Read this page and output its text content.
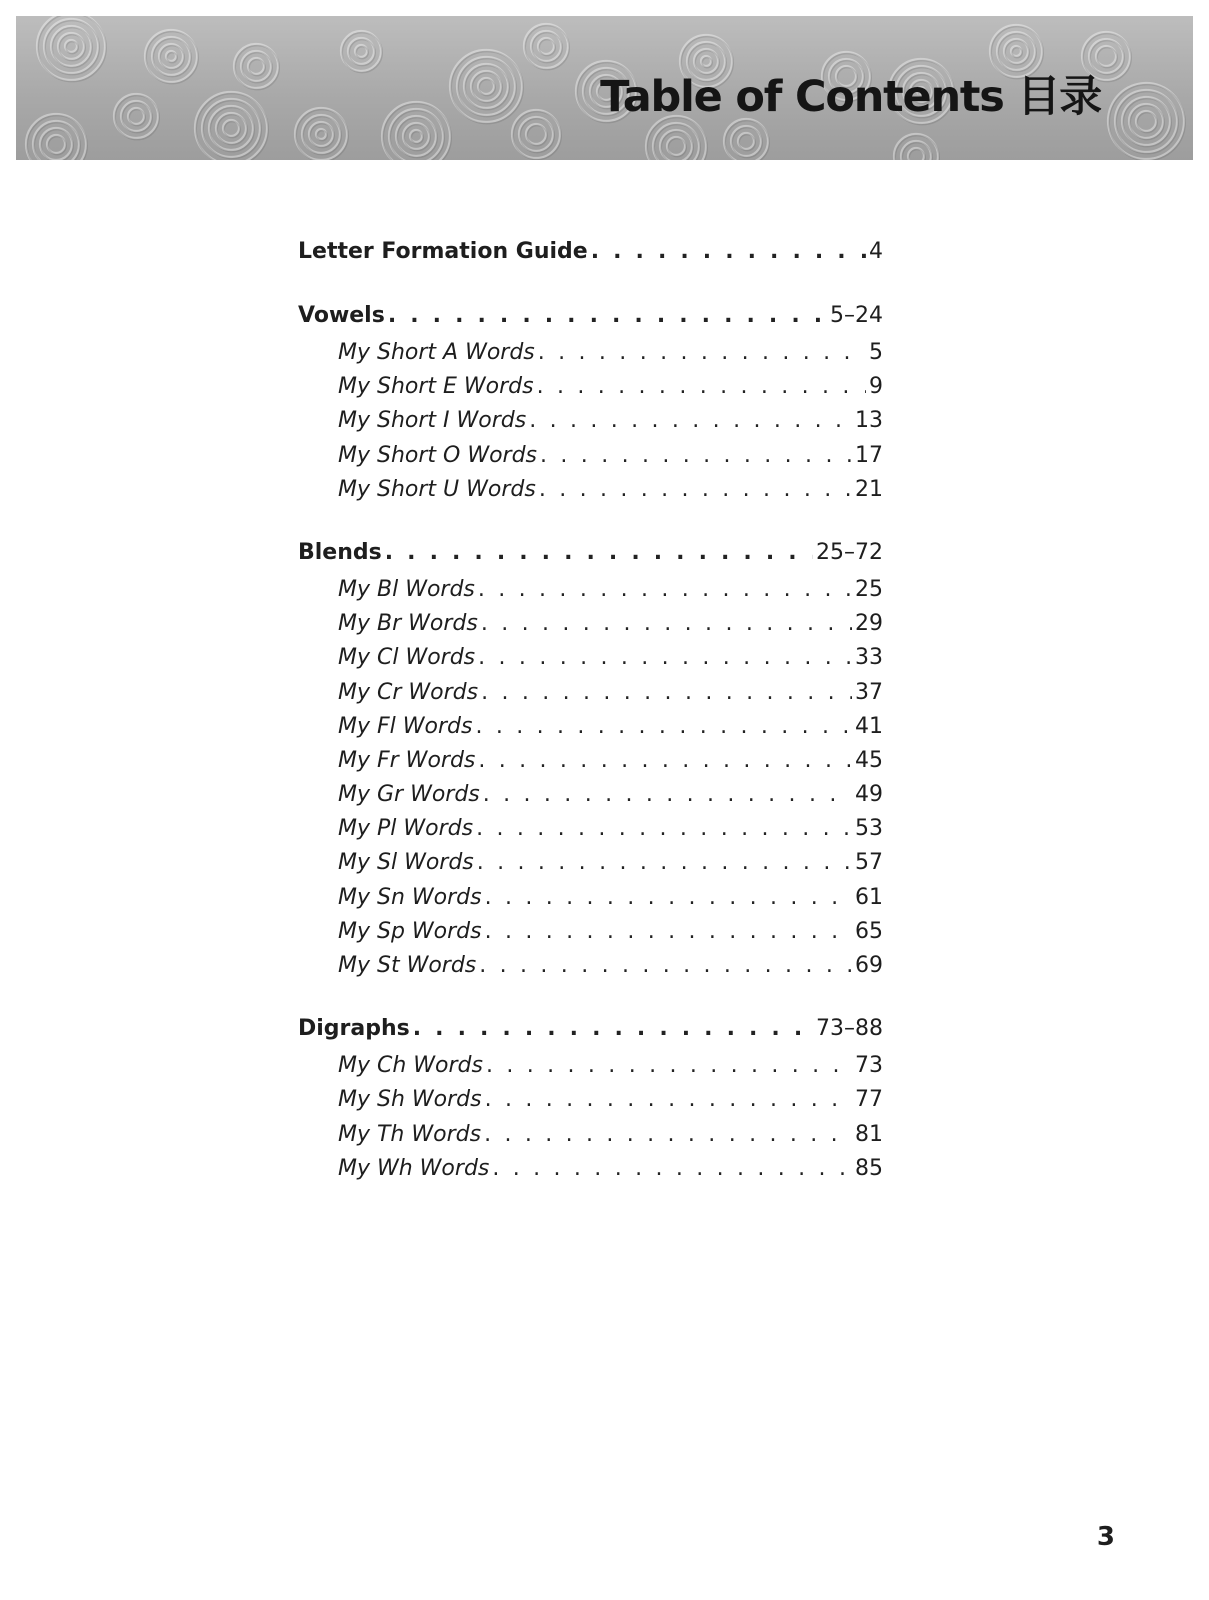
Table of Contents 目录
Letter Formation Guide . . .	4
Vowels . . .	5–24
My Short A Words . . .	5
My Short E Words . . .	9
My Short I Words . . .	13
My Short O Words . . .	17
My Short U Words . . .	21
Blends . . .	25–72
My Bl Words . . .	25
My Br Words . . .	29
My Cl Words . . .	33
My Cr Words . . .	37
My Fl Words . . .	41
My Fr Words . . .	45
My Gr Words . . .	49
My Pl Words . . .	53
My Sl Words . . .	57
My Sn Words . . .	61
My Sp Words . . .	65
My St Words . . .	69
Digraphs . . .	73–88
My Ch Words . . .	73
My Sh Words . . .	77
My Th Words . . .	81
My Wh Words . . .	85

3
